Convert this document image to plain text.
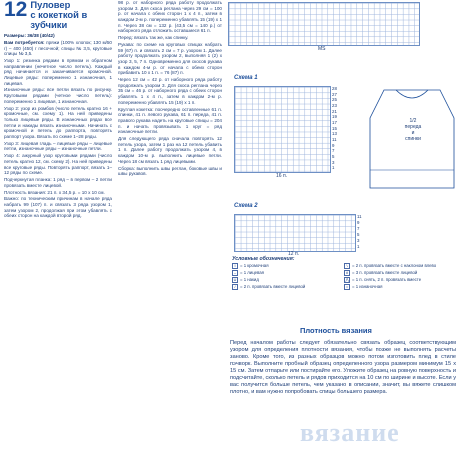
12 Пуловер
с кокеткой в зубчики

Размеры: 36/38 (40/42)

Вам потребуется: пряжи (100% хлопок; 130 м/50 г) – 400 (450) г песочной; спицы № 3,5, круговые спицы № 3,5.

Узор 1: резинка рядами в прямом и обратном направлении (нечетное число петель). Каждый ряд начинается и заканчивается кромочной. Лицевые ряды: попеременно 1 изнаночная, 1 лицевая.

Изнаночные ряды: все петли вязать по рисунку. Круговыми рядами (четное число петель): попеременно 1 лицевая, 1 изнаночная.

Узор 2: узор из ромбов (число петель кратно 16 + кромочные, см. схему 1). На ней приведены только лицевые ряды. В изнаночных рядах все петли и накиды вязать изнаночными. Начинать с кромочной и петель до раппорта, повторять раппорт узора. Вязать по схеме 1–28 ряды.

Узор 3: лицевая гладь – лицевые ряды – лицевые петли, изнаночные ряды – изнаночные петли.

Узор 4: ажурный узор круговыми рядами (число петель кратно 12, см. схему 2). На ней приведены все круговые ряды. Повторять раппорт, вязать 1–12 ряды по схеме.

Подчеркнутая планка: 1 ряд – в первом – 2 петли провязать вместе лицевой.

Плотность вязания: 21 п. x 34,5 р. = 10 x 10 см.

Важно: по техническим причинам в начале ряда набрать 99 (107) п. и связать 3 ряда узором 1, затем узором 2, продолжая при этом убавлять с обеих сторон на каждой второй ряд.

98 р. от наборного ряда работу продолжать узором 3. Для скоса реглана через 29 см = 100 р. от начала с обеих сторон 1 x 4 п., затем в каждом 2-м р. попеременно убавлять 15 (19) x 1 п. Через 38 см = 132 р. (43,5 см = 140 р.) от наборного ряда отложить оставшиеся 61 п.

Перед: вязать так же, как спинку.

Рукава: по схеме на круговых спицах набрать 59 (67) п. и связать 2 см = 7 р. узором 1. Далее работу продолжать узором 2, выполняя 1 (2) x узор 3, 5, 7 п. Одновременно для скосов рукава в каждом 4-м р. от начала с обеих сторон прибавить 10 x 1 п. = 76 (87) п.

Через 12 см = 42 р. от наборного ряда работу продолжать узором 3. Для скоса реглана через 35 см = 46 р. от наборного ряда с обеих сторон убавлять 1 x 4 п., затем в каждом 2-м р. попеременно убавлять 15 (19) x 1 п.

Круглая кокетка: поочередно оставленные 61 п. спинки, 41 п. левого рукава, 61 п. переда, 41 п. правого рукава надеть на круговые спицы = 204 п. и начать провязывать 1 круг = ряд изнаночные петли.

Для следующего ряда сначала повторять 12 петель узора, затем 1 раз на 12 петель убавить 1 п. Далее работу продолжать узором 4, в каждом 10-м р. выполнить лицевые петли. Через 18 см вязать 1 ряд лицевыми.

Сборка: выполнить швы реглан, боковые швы и швы рукавов.

MS
Схема 1
28
27
25
23
21
19
17
15
13
11
9
7
5
3
1
16 п.
1/2
переда
и
спинки
Схема 2
11
9
7
5
3
1
12 п.
Условные обозначения:
I = 1 кромочная
– = 1 лицевая
U = 1 накид
/ = 2 п. провязать вместе лицевой
\ = 2 п. провязать вместе с наклоном влево
∧ = 3 п. провязать вместе лицевой
⋀ = 1 п. снять, 2 п. провязать вместе
• = 1 изнаночная
Плотность вязания
Перед началом работы следует обязательно связать образец соответствующим узором для определения плотности вязания, чтобы позже не выполнять расчеты заново. Кроме того, из разных образцов можно потом изготовить плед в стиле пэчворк. Выполните пробный образец определенного узора размером минимум 15 x 15 см. Затем отпарьте или постирайте его. Уложите образец на ровную поверхность и подсчитайте, сколько петель и рядов приходится на 10 см по ширине и высоте. Если у вас получится больше петель, чем указано в описании, значит, вы вяжете слишком плотно, и вам нужно попробовать спицы большего размера.
вязание
